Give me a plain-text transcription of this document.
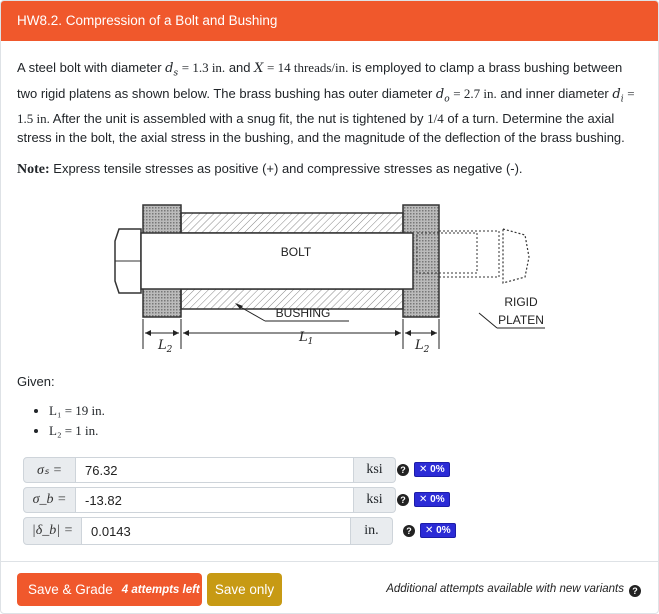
HW8.2. Compression of a Bolt and Bushing

A steel bolt with diameter $d_s = 1.3$ in. and X = 14 threads/in. is employed to clamp a brass bushing between two rigid platens as shown below. The brass bushing has outer diameter $d_o = 2.7$ in. and inner diameter $d_i = 1.5$ in. After the unit is assembled with a snug fit, the nut is tightened by 1/4 of a turn. Determine the axial stress in the bolt, the axial stress in the bushing, and the magnitude of the deflection of the brass bushing.

Note: Express tensile stresses as positive (+) and compressive stresses as negative (-).
BOLT
BUSHING
RIGID
PLATEN
$L_2$
$L_1$	$L_2$
Given:
• L₁ = 19 in.
• L₂ = 1 in.
σₛ =	76.32	ksi	?	✕ 0%
σ_b =	-13.82	ksi	?	✕ 0%
|δ_b| =	0.0143	in.	?	✕ 0%
Save & Grade 4 attempts left	Save only	Additional attempts available with new variants ?
